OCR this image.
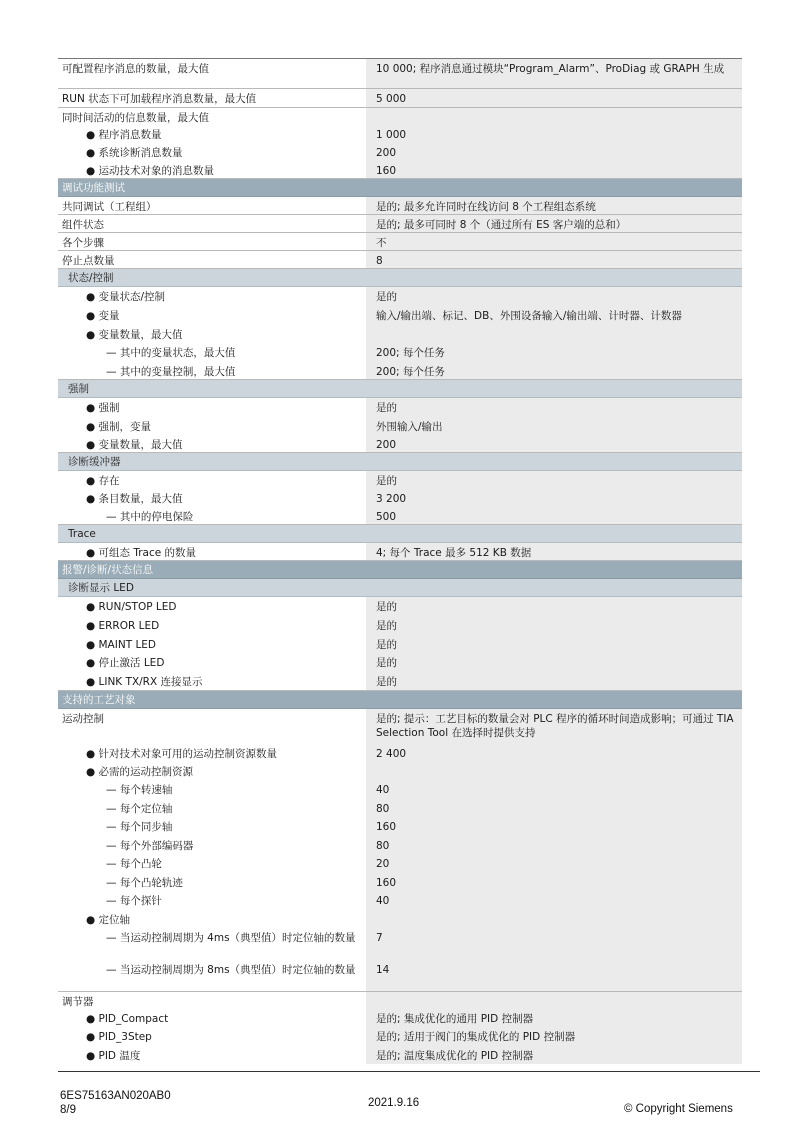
可配置程序消息的数量，最大值	10 000; 程序消息通过模块“Program_Alarm”、ProDiag 或 GRAPH 生成
RUN 状态下可加载程序消息数量，最大值	5 000
同时间活动的信息数量，最大值
● 程序消息数量	1 000
● 系统诊断消息数量	200
● 运动技术对象的消息数量	160
调试功能测试
共同调试（工程组）	是的; 最多允许同时在线访问 8 个工程组态系统
组件状态	是的; 最多可同时 8 个（通过所有 ES 客户端的总和）
各个步骤	不
停止点数量	8
状态/控制
● 变量状态/控制	是的
● 变量	输入/输出端、标记、DB、外围设备输入/输出端、计时器、计数器
● 变量数量，最大值
— 其中的变量状态，最大值	200; 每个任务
— 其中的变量控制，最大值	200; 每个任务
强制
● 强制	是的
● 强制，变量	外围输入/输出
● 变量数量，最大值	200
诊断缓冲器
● 存在	是的
● 条目数量，最大值	3 200
— 其中的停电保险	500
Trace
● 可组态 Trace 的数量	4; 每个 Trace 最多 512 KB 数据
报警/诊断/状态信息
诊断显示 LED
● RUN/STOP LED	是的
● ERROR LED	是的
● MAINT LED	是的
● 停止激活 LED	是的
● LINK TX/RX 连接显示	是的
支持的工艺对象
运动控制	是的; 提示：工艺目标的数量会对 PLC 程序的循环时间造成影响；可通过 TIA Selection Tool 在选择时提供支持
● 针对技术对象可用的运动控制资源数量	2 400
● 必需的运动控制资源
— 每个转速轴	40
— 每个定位轴	80
— 每个同步轴	160
— 每个外部编码器	80
— 每个凸轮	20
— 每个凸轮轨迹	160
— 每个探针	40
● 定位轴
— 当运动控制周期为 4ms（典型值）时定位轴的数量	7
— 当运动控制周期为 8ms（典型值）时定位轴的数量	14
调节器
● PID_Compact	是的; 集成优化的通用 PID 控制器
● PID_3Step	是的; 适用于阀门的集成优化的 PID 控制器
● PID 温度	是的; 温度集成优化的 PID 控制器
6ES75163AN020AB0
8/9
2021.9.16	© Copyright Siemens
